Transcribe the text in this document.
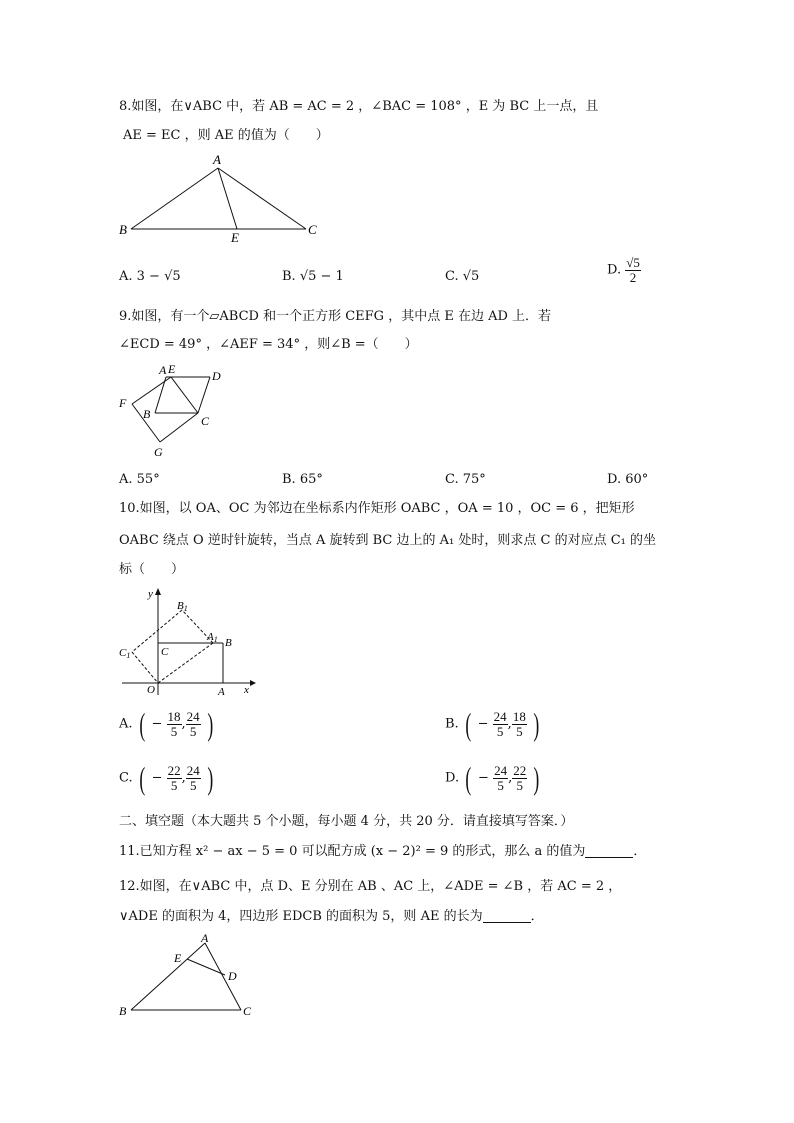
8.如图，在∨ABC 中，若 AB = AC = 2 ，∠BAC = 108° ，E 为 BC 上一点，且
AE = EC ，则 AE 的值为（　　）
A
B	C
E
A. 3 − √5	B. √5 − 1	C. √5	D. $\frac{√5}{2}$
9.如图，有一个▱ABCD 和一个正方形 CEFG ，其中点 E 在边 AD 上．若
∠ECD = 49° ，∠AEF = 34° ，则∠B =（　　）
A E	D
F
B	C
G
A. 55°	B. 65°	C. 75°	D. 60°
10.如图，以 OA、OC 为邻边在坐标系内作矩形 OABC ，OA = 10 ，OC = 6 ，把矩形
OABC 绕点 O 逆时针旋转，当点 A 旋转到 BC 边上的 A₁ 处时，则求点 C 的对应点 C₁ 的坐
标（　　）
y
x
B1
A1
C1	C
B
O	A
A. ( − $\frac{18}{5}$ , $\frac{24}{5}$ )	B. ( − $\frac{24}{5}$ , $\frac{18}{5}$ )
C. ( − $\frac{22}{5}$ , $\frac{24}{5}$ )	D. ( − $\frac{24}{5}$ , $\frac{22}{5}$ )
二、填空题（本大题共 5 个小题，每小题 4 分，共 20 分．请直接填写答案．）
11.已知方程 x² − ax − 5 = 0 可以配方成 (x − 2)² = 9 的形式，那么 a 的值为	．
12.如图，在∨ABC 中，点 D、E 分别在 AB 、AC 上，∠ADE = ∠B ，若 AC = 2 ，
∨ADE 的面积为 4，四边形 EDCB 的面积为 5，则 AE 的长为	．
A
E
D
B	C
